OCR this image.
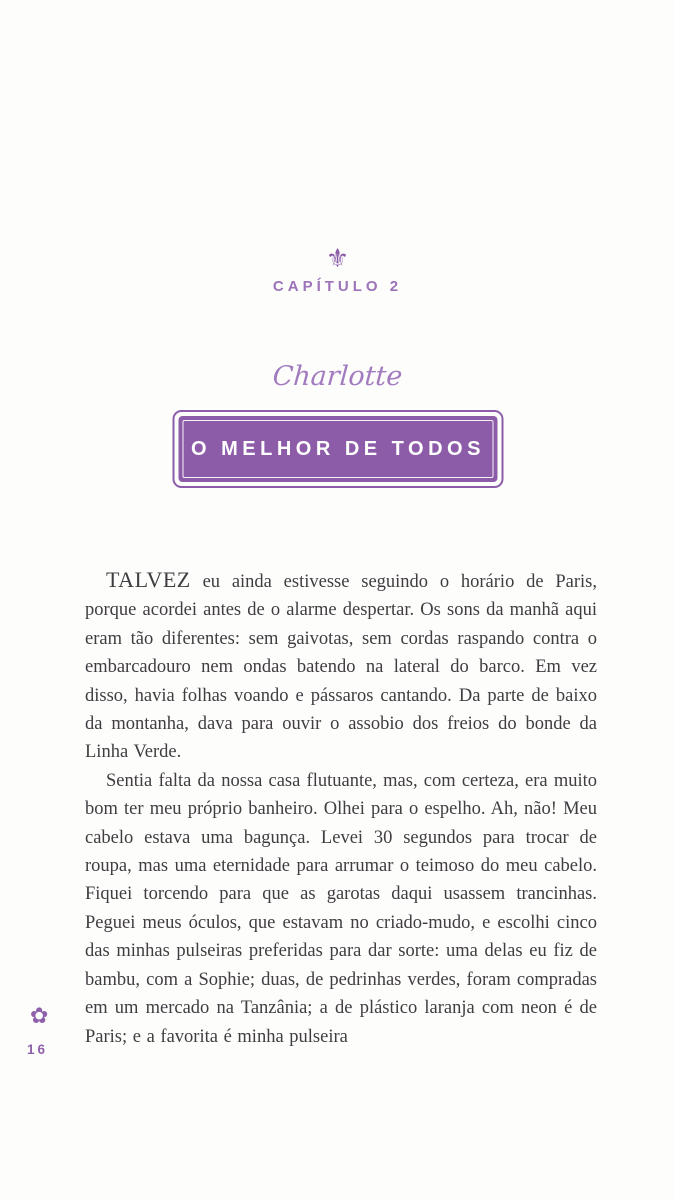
⚜
CAPÍTULO 2
Charlotte
O MELHOR DE TODOS

TALVEZ eu ainda estivesse seguindo o horário de Paris, porque acordei antes de o alarme despertar. Os sons da manhã aqui eram tão diferentes: sem gaivotas, sem cordas raspando contra o embarcadouro nem ondas batendo na lateral do barco. Em vez disso, havia folhas voando e pássaros cantando. Da parte de baixo da montanha, dava para ouvir o assobio dos freios do bonde da Linha Verde.

Sentia falta da nossa casa flutuante, mas, com certeza, era muito bom ter meu próprio banheiro. Olhei para o espelho. Ah, não! Meu cabelo estava uma bagunça. Levei 30 segundos para trocar de roupa, mas uma eternidade para arrumar o teimoso do meu cabelo. Fiquei torcendo para que as garotas daqui usassem trancinhas. Peguei meus óculos, que estavam no criado-mudo, e escolhi cinco das minhas pulseiras preferidas para dar sorte: uma delas eu fiz de bambu, com a Sophie; duas, de pedrinhas verdes, foram compradas em um mercado na Tanzânia; a de plástico laranja com neon é de Paris; e a favorita é minha pulseira

✿
16
